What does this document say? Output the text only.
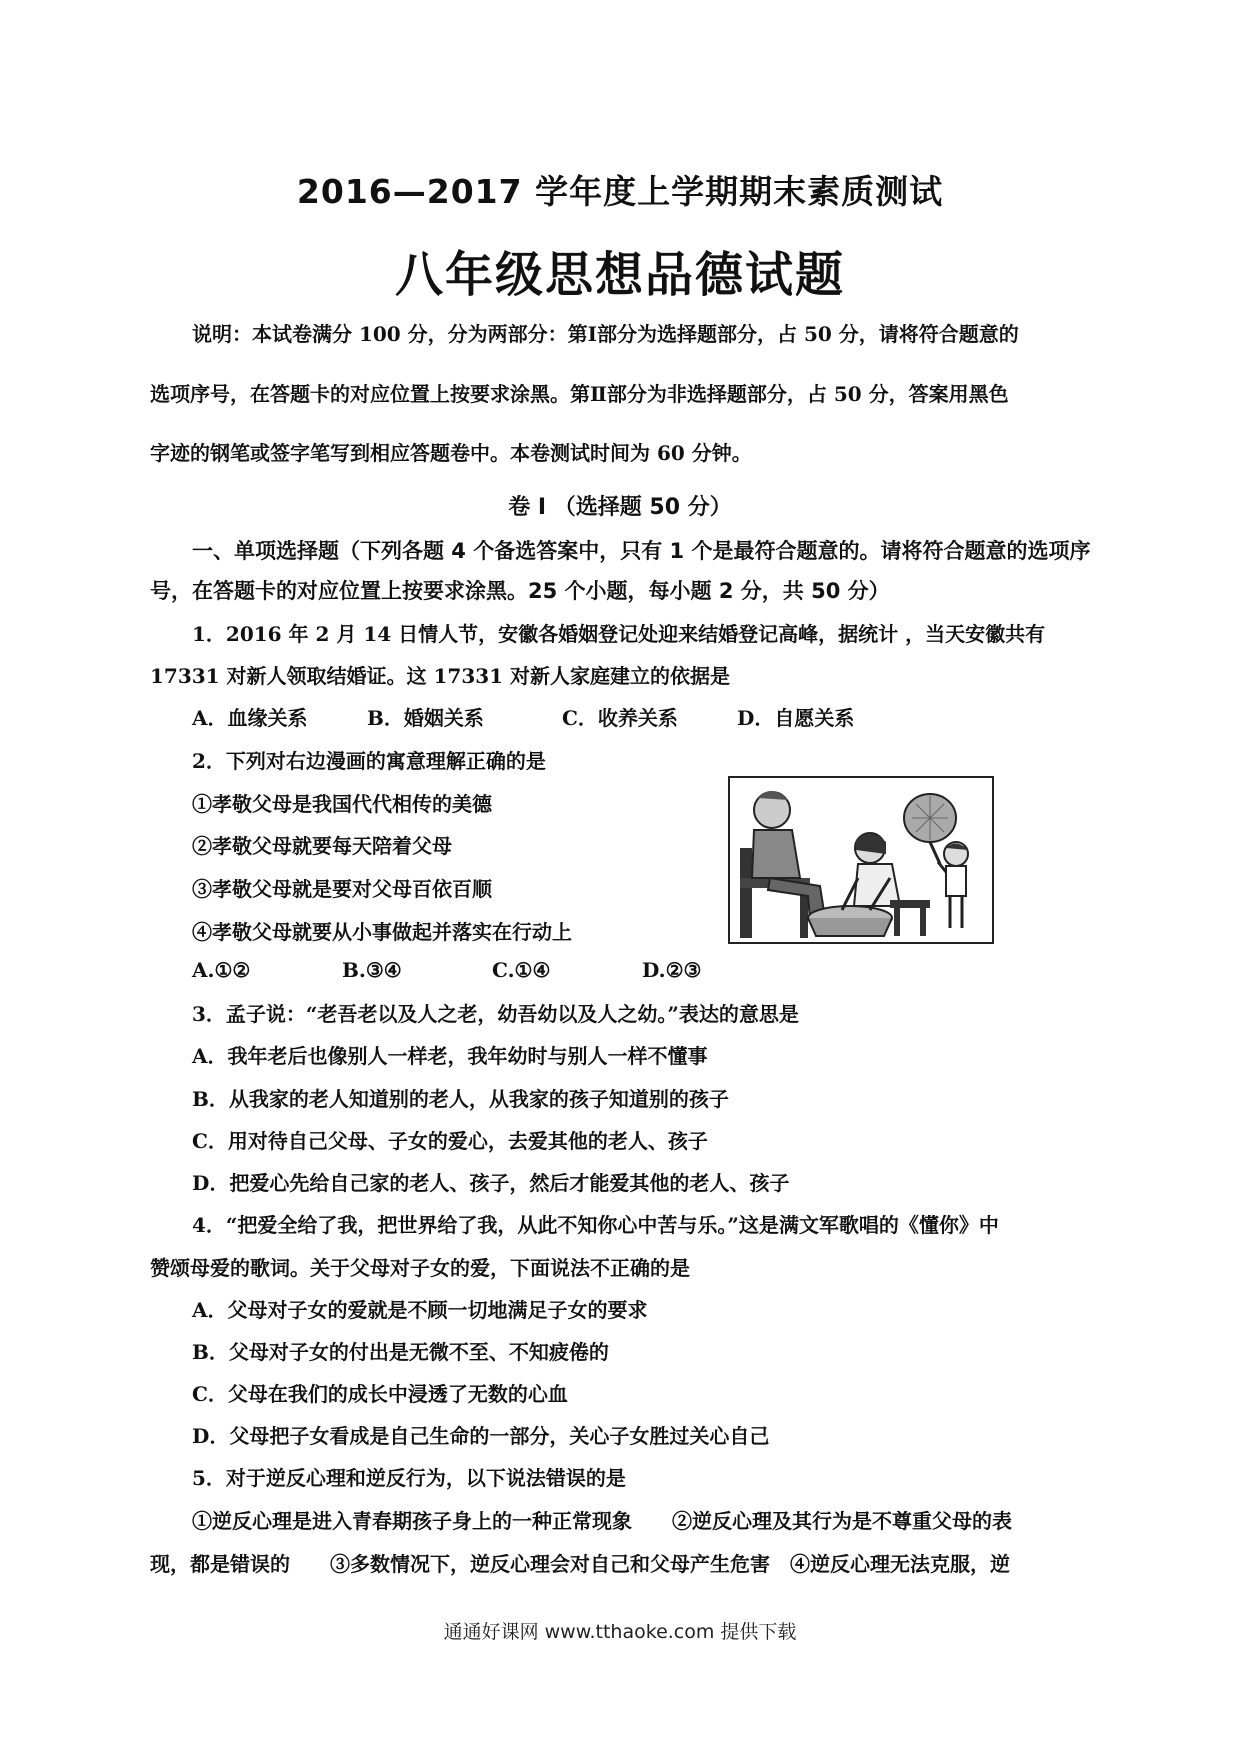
2016—2017 学年度上学期期末素质测试
八年级思想品德试题
说明：本试卷满分 100 分，分为两部分：第Ⅰ部分为选择题部分，占 50 分，请将符合题意的
选项序号，在答题卡的对应位置上按要求涂黑。第Ⅱ部分为非选择题部分，占 50 分，答案用黑色
字迹的钢笔或签字笔写到相应答题卷中。本卷测试时间为 60 分钟。
卷 I （选择题 50 分）
一、单项选择题（下列各题 4 个备选答案中，只有 1 个是最符合题意的。请将符合题意的选项序
号，在答题卡的对应位置上按要求涂黑。25 个小题，每小题 2 分，共 50 分）
1．2016 年 2 月 14 日情人节，安徽各婚姻登记处迎来结婚登记高峰，据统计 ，当天安徽共有
17331 对新人领取结婚证。这 17331 对新人家庭建立的依据是
A．血缘关系	B．婚姻关系	C．收养关系	D．自愿关系
2．下列对右边漫画的寓意理解正确的是
①孝敬父母是我国代代相传的美德
②孝敬父母就要每天陪着父母
③孝敬父母就是要对父母百依百顺
④孝敬父母就要从小事做起并落实在行动上
A.①②	B.③④	C.①④	D.②③
3．孟子说：“老吾老以及人之老，幼吾幼以及人之幼。”表达的意思是
A．我年老后也像别人一样老，我年幼时与别人一样不懂事
B．从我家的老人知道别的老人，从我家的孩子知道别的孩子
C．用对待自己父母、子女的爱心，去爱其他的老人、孩子
D．把爱心先给自己家的老人、孩子，然后才能爱其他的老人、孩子
4．“把爱全给了我，把世界给了我，从此不知你心中苦与乐。”这是满文军歌唱的《懂你》中
赞颂母爱的歌词。关于父母对子女的爱，下面说法不正确的是
A．父母对子女的爱就是不顾一切地满足子女的要求
B．父母对子女的付出是无微不至、不知疲倦的
C．父母在我们的成长中浸透了无数的心血
D．父母把子女看成是自己生命的一部分，关心子女胜过关心自己
5．对于逆反心理和逆反行为，以下说法错误的是
①逆反心理是进入青春期孩子身上的一种正常现象　　②逆反心理及其行为是不尊重父母的表
现，都是错误的　　③多数情况下，逆反心理会对自己和父母产生危害　④逆反心理无法克服，逆
通通好课网 www.tthaoke.com 提供下载
